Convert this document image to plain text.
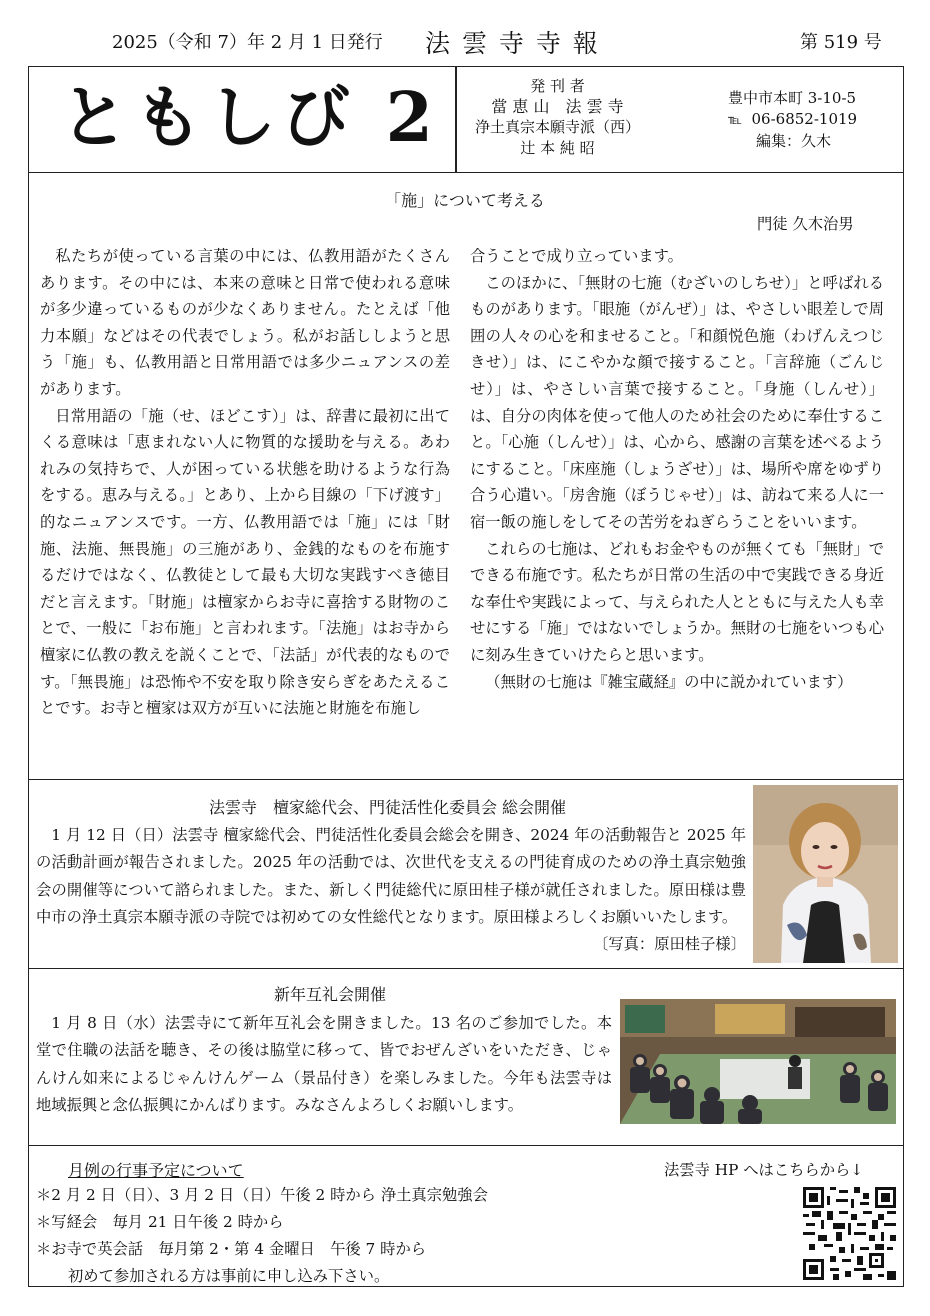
2025（令和 7）年 2 月 1 日発行 法 雲 寺 寺 報	第 519 号
ともしび 2	発 刊 者
當 恵 山　法 雲 寺
浄土真宗本願寺派（西）
辻 本 純 昭
豊中市本町 3-10-5
℡ 06-6852-1019
編集：久木
「施」について考える
門徒 久木治男

私たちが使っている言葉の中には、仏教用語がたくさんあります。その中には、本来の意味と日常で使われる意味が多少違っているものが少なくありません。たとえば「他力本願」などはその代表でしょう。私がお話ししようと思う「施」も、仏教用語と日常用語では多少ニュアンスの差があります。

日常用語の「施（せ、ほどこす）」は、辞書に最初に出てくる意味は「恵まれない人に物質的な援助を与える。あわれみの気持ちで、人が困っている状態を助けるような行為をする。恵み与える。」とあり、上から目線の「下げ渡す」的なニュアンスです。一方、仏教用語では「施」には「財施、法施、無畏施」の三施があり、金銭的なものを布施するだけではなく、仏教徒として最も大切な実践すべき徳目だと言えます。「財施」は檀家からお寺に喜捨する財物のことで、一般に「お布施」と言われます。「法施」はお寺から檀家に仏教の教えを説くことで、「法話」が代表的なものです。「無畏施」は恐怖や不安を取り除き安らぎをあたえることです。お寺と檀家は双方が互いに法施と財施を布施し

合うことで成り立っています。

このほかに、「無財の七施（むざいのしちせ）」と呼ばれるものがあります。「眼施（がんぜ）」は、やさしい眼差しで周囲の人々の心を和ませること。「和顔悦色施（わげんえつじきせ）」は、にこやかな顔で接すること。「言辞施（ごんじせ）」は、やさしい言葉で接すること。「身施（しんせ）」は、自分の肉体を使って他人のため社会のために奉仕すること。「心施（しんせ）」は、心から、感謝の言葉を述べるようにすること。「床座施（しょうざせ）」は、場所や席をゆずり合う心遣い。「房舎施（ぼうじゃせ）」は、訪ねて来る人に一宿一飯の施しをしてその苦労をねぎらうことをいいます。

これらの七施は、どれもお金やものが無くても「無財」でできる布施です。私たちが日常の生活の中で実践できる身近な奉仕や実践によって、与えられた人とともに与えた人も幸せにする「施」ではないでしょうか。無財の七施をいつも心に刻み生きていけたらと思います。

（無財の七施は『雑宝蔵経』の中に説かれています）

法雲寺　檀家総代会、門徒活性化委員会 総会開催

1 月 12 日（日）法雲寺 檀家総代会、門徒活性化委員会総会を開き、2024 年の活動報告と 2025 年の活動計画が報告されました。2025 年の活動では、次世代を支えるの門徒育成のための浄土真宗勉強会の開催等について諮られました。また、新しく門徒総代に原田桂子様が就任されました。原田様は豊中市の浄土真宗本願寺派の寺院では初めての女性総代となります。原田様よろしくお願いいたします。

〔写真：原田桂子様〕
新年互礼会開催

1 月 8 日（水）法雲寺にて新年互礼会を開きました。13 名のご参加でした。本堂で住職の法話を聴き、その後は脇堂に移って、皆でおぜんざいをいただき、じゃんけん如来によるじゃんけんゲーム（景品付き）を楽しみました。今年も法雲寺は地域振興と念仏振興にかんばります。みなさんよろしくお願いします。

月例の行事予定について
＊2 月 2 日（日）、3 月 2 日（日）午後 2 時から 浄土真宗勉強会
＊写経会　毎月 21 日午後 2 時から
＊お寺で英会話　毎月第 2・第 4 金曜日　午後 7 時から
初めて参加される方は事前に申し込み下さい。
法雲寺 HP へはこちらから↓
